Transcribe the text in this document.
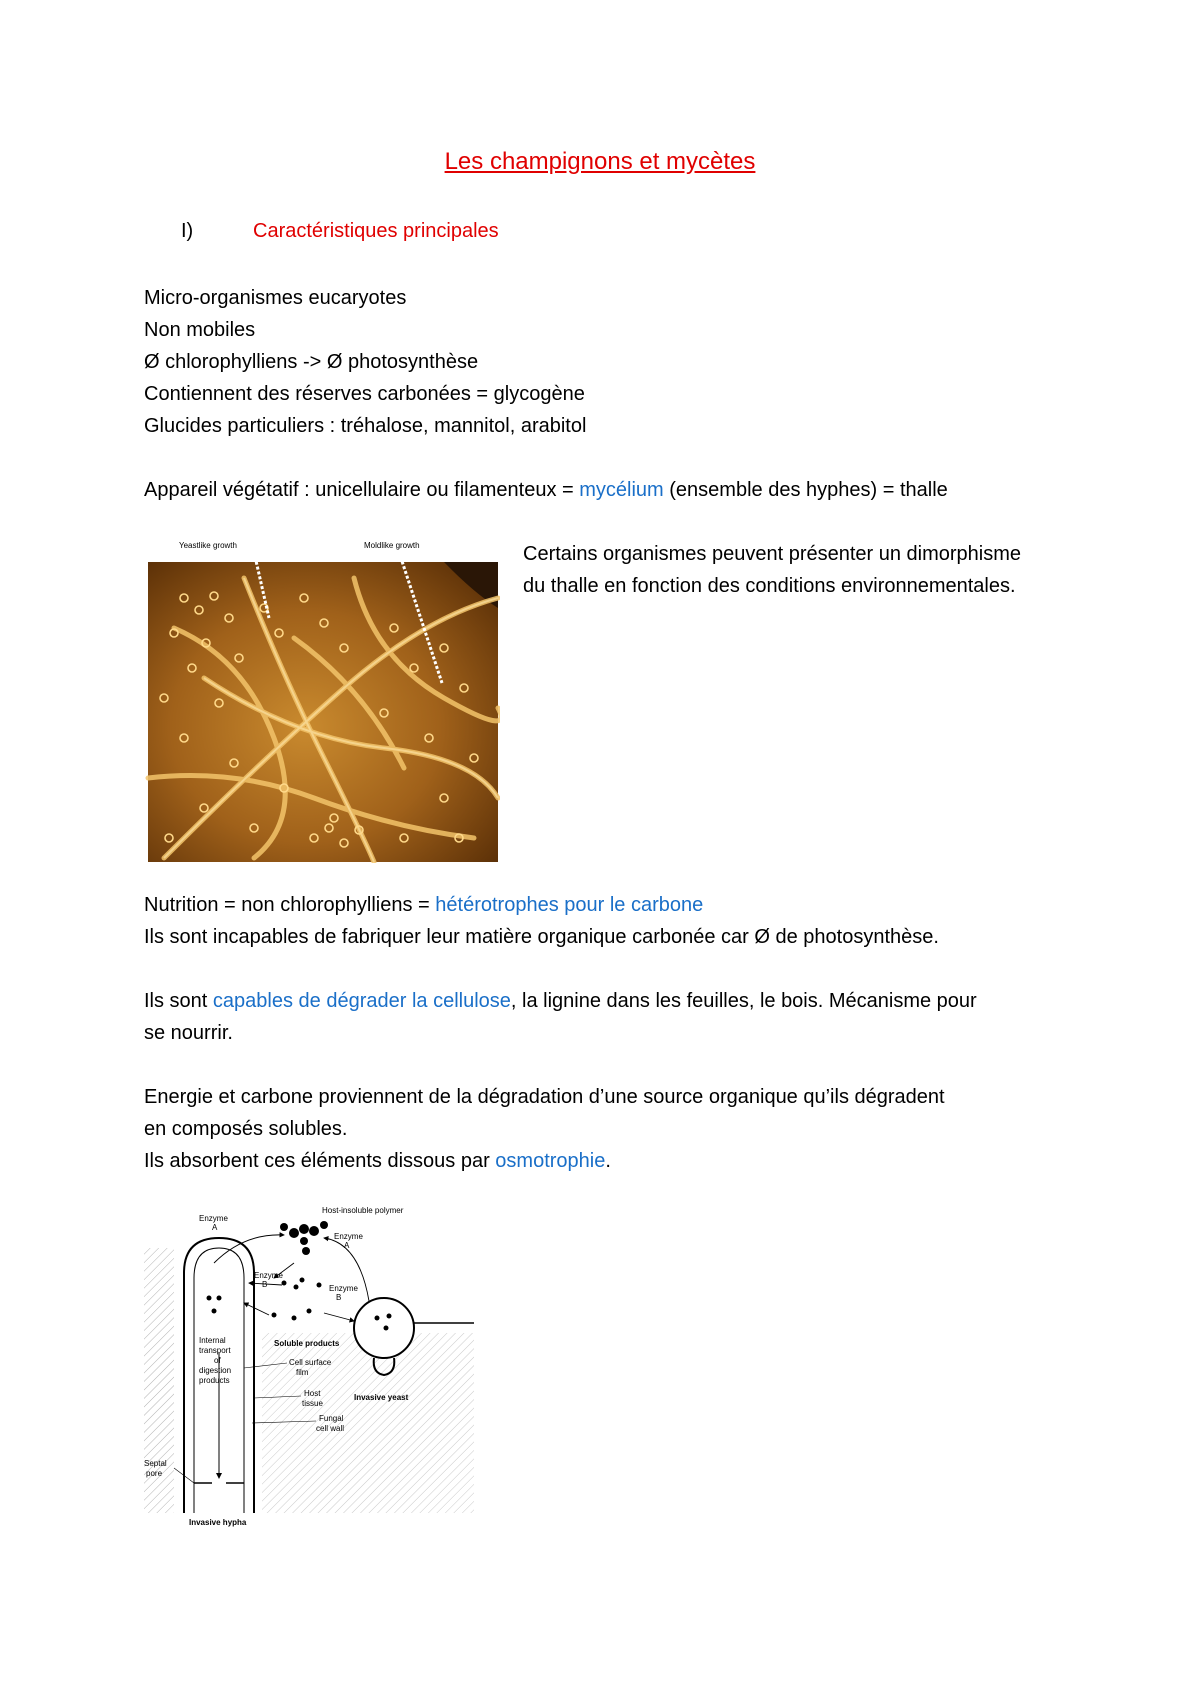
Les champignons et mycètes
I)	Caractéristiques principales
Micro-organismes eucaryotes
Non mobiles
Ø chlorophylliens -> Ø photosynthèse
Contiennent des réserves carbonées = glycogène
Glucides particuliers : tréhalose, mannitol, arabitol
Appareil végétatif : unicellulaire ou filamenteux = mycélium (ensemble des hyphes) = thalle
Yeastlike growth	Moldlike growth	Certains organismes peuvent présenter un dimorphisme du thalle en fonction des conditions environnementales.
Nutrition = non chlorophylliens = hétérotrophes pour le carbone
Ils sont incapables de fabriquer leur matière organique carbonée car Ø de photosynthèse.
Ils sont capables de dégrader la cellulose, la lignine dans les feuilles, le bois. Mécanisme pour
se nourrir.
Energie et carbone proviennent de la dégradation d’une source organique qu’ils dégradent
en composés solubles.
Ils absorbent ces éléments dissous par osmotrophie.
Host-insoluble polymer
Enzyme
A
Enzyme
A
Enzyme
B	Enzyme
B
Soluble products
Internal
transport
of
digestion
products
Cell surface
film
Host
tissue
Invasive yeast
Fungal
cell wall
Septal
pore
Invasive hypha
